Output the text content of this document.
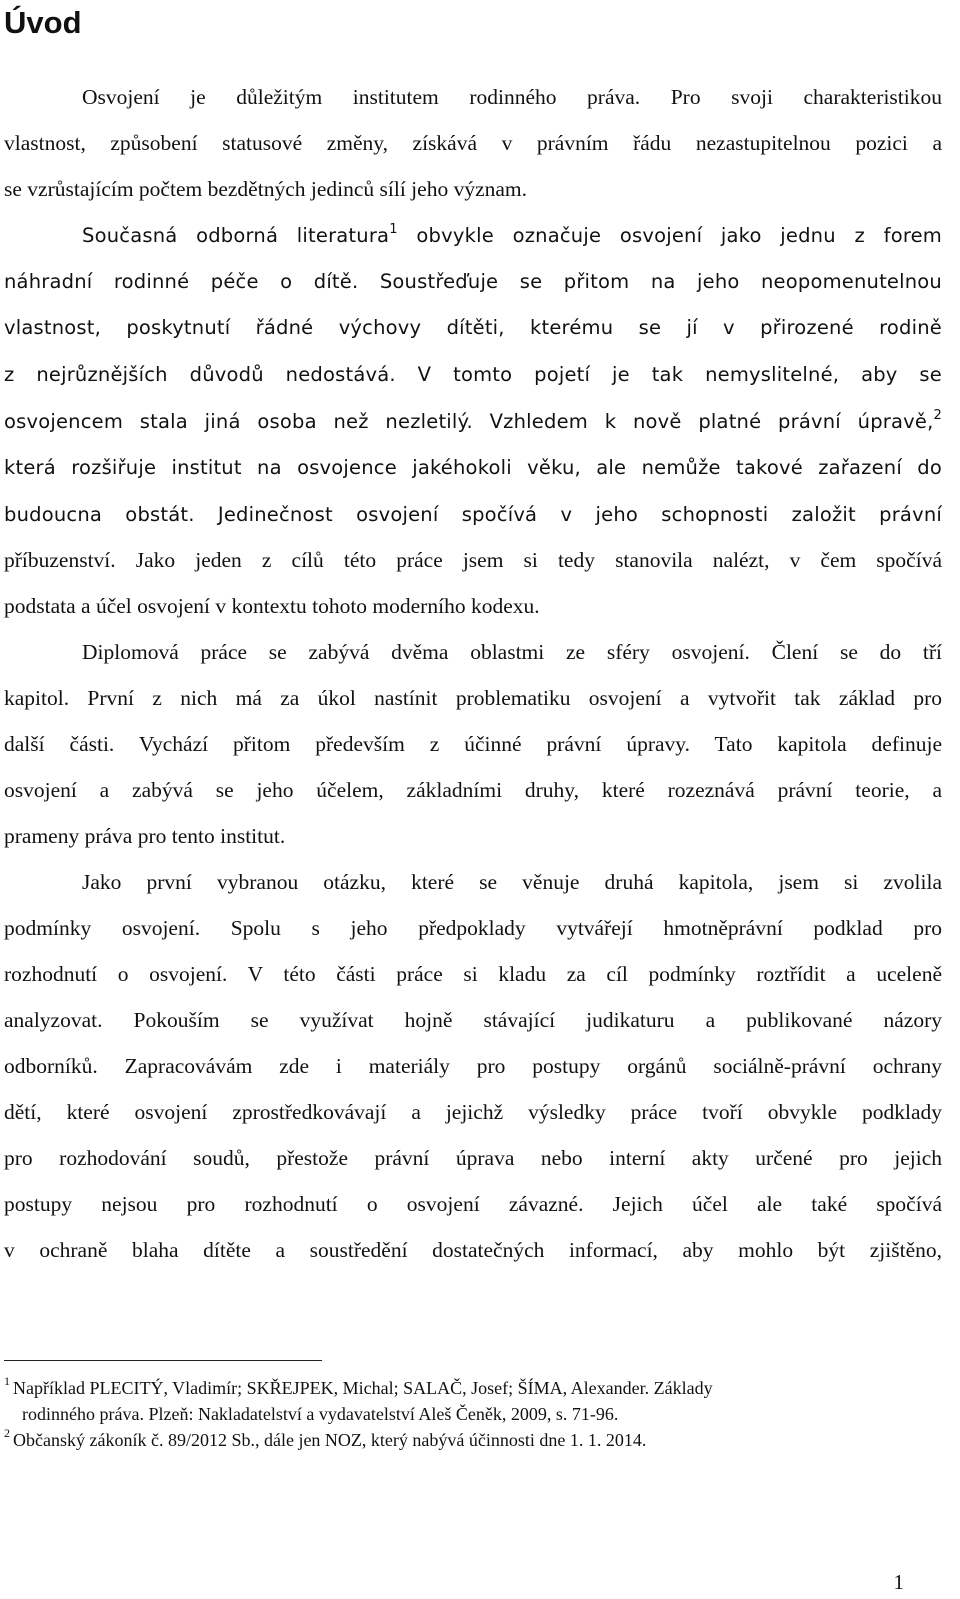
Úvod
Osvojení je důležitým institutem rodinného práva. Pro svoji charakteristikou
vlastnost, způsobení statusové změny, získává v právním řádu nezastupitelnou pozici a
se vzrůstajícím počtem bezdětných jedinců sílí jeho význam.
Současná odborná literatura$^1$ obvykle označuje osvojení jako jednu z forem
náhradní rodinné péče o dítě. Soustřeďuje se přitom na jeho neopomenutelnou
vlastnost, poskytnutí řádné výchovy dítěti, kterému se jí v přirozené rodině
z nejrůznějších důvodů nedostává. V tomto pojetí je tak nemyslitelné, aby se
osvojencem stala jiná osoba než nezletilý. Vzhledem k nově platné právní úpravě,$^2$
která rozšiřuje institut na osvojence jakéhokoli věku, ale nemůže takové zařazení do
budoucna obstát. Jedinečnost osvojení spočívá v jeho schopnosti založit právní
příbuzenství. Jako jeden z cílů této práce jsem si tedy stanovila nalézt, v čem spočívá
podstata a účel osvojení v kontextu tohoto moderního kodexu.
Diplomová práce se zabývá dvěma oblastmi ze sféry osvojení. Člení se do tří
kapitol. První z nich má za úkol nastínit problematiku osvojení a vytvořit tak základ pro
další části. Vychází přitom především z účinné právní úpravy. Tato kapitola definuje
osvojení a zabývá se jeho účelem, základními druhy, které rozeznává právní teorie, a
prameny práva pro tento institut.
Jako první vybranou otázku, které se věnuje druhá kapitola, jsem si zvolila
podmínky osvojení. Spolu s jeho předpoklady vytvářejí hmotněprávní podklad pro
rozhodnutí o osvojení. V této části práce si kladu za cíl podmínky roztřídit a uceleně
analyzovat. Pokouším se využívat hojně stávající judikaturu a publikované názory
odborníků. Zapracovávám zde i materiály pro postupy orgánů sociálně-právní ochrany
dětí, které osvojení zprostředkovávají a jejichž výsledky práce tvoří obvykle podklady
pro rozhodování soudů, přestože právní úprava nebo interní akty určené pro jejich
postupy nejsou pro rozhodnutí o osvojení závazné. Jejich účel ale také spočívá
v ochraně blaha dítěte a soustředění dostatečných informací, aby mohlo být zjištěno,
$^1$ Například PLECITÝ, Vladimír; SKŘEJPEK, Michal; SALAČ, Josef; ŠÍMA, Alexander. Základy
rodinného práva. Plzeň: Nakladatelství a vydavatelství Aleš Čeněk, 2009, s. 71-96.
$^2$ Občanský zákoník č. 89/2012 Sb., dále jen NOZ, který nabývá účinnosti dne 1. 1. 2014.
1
